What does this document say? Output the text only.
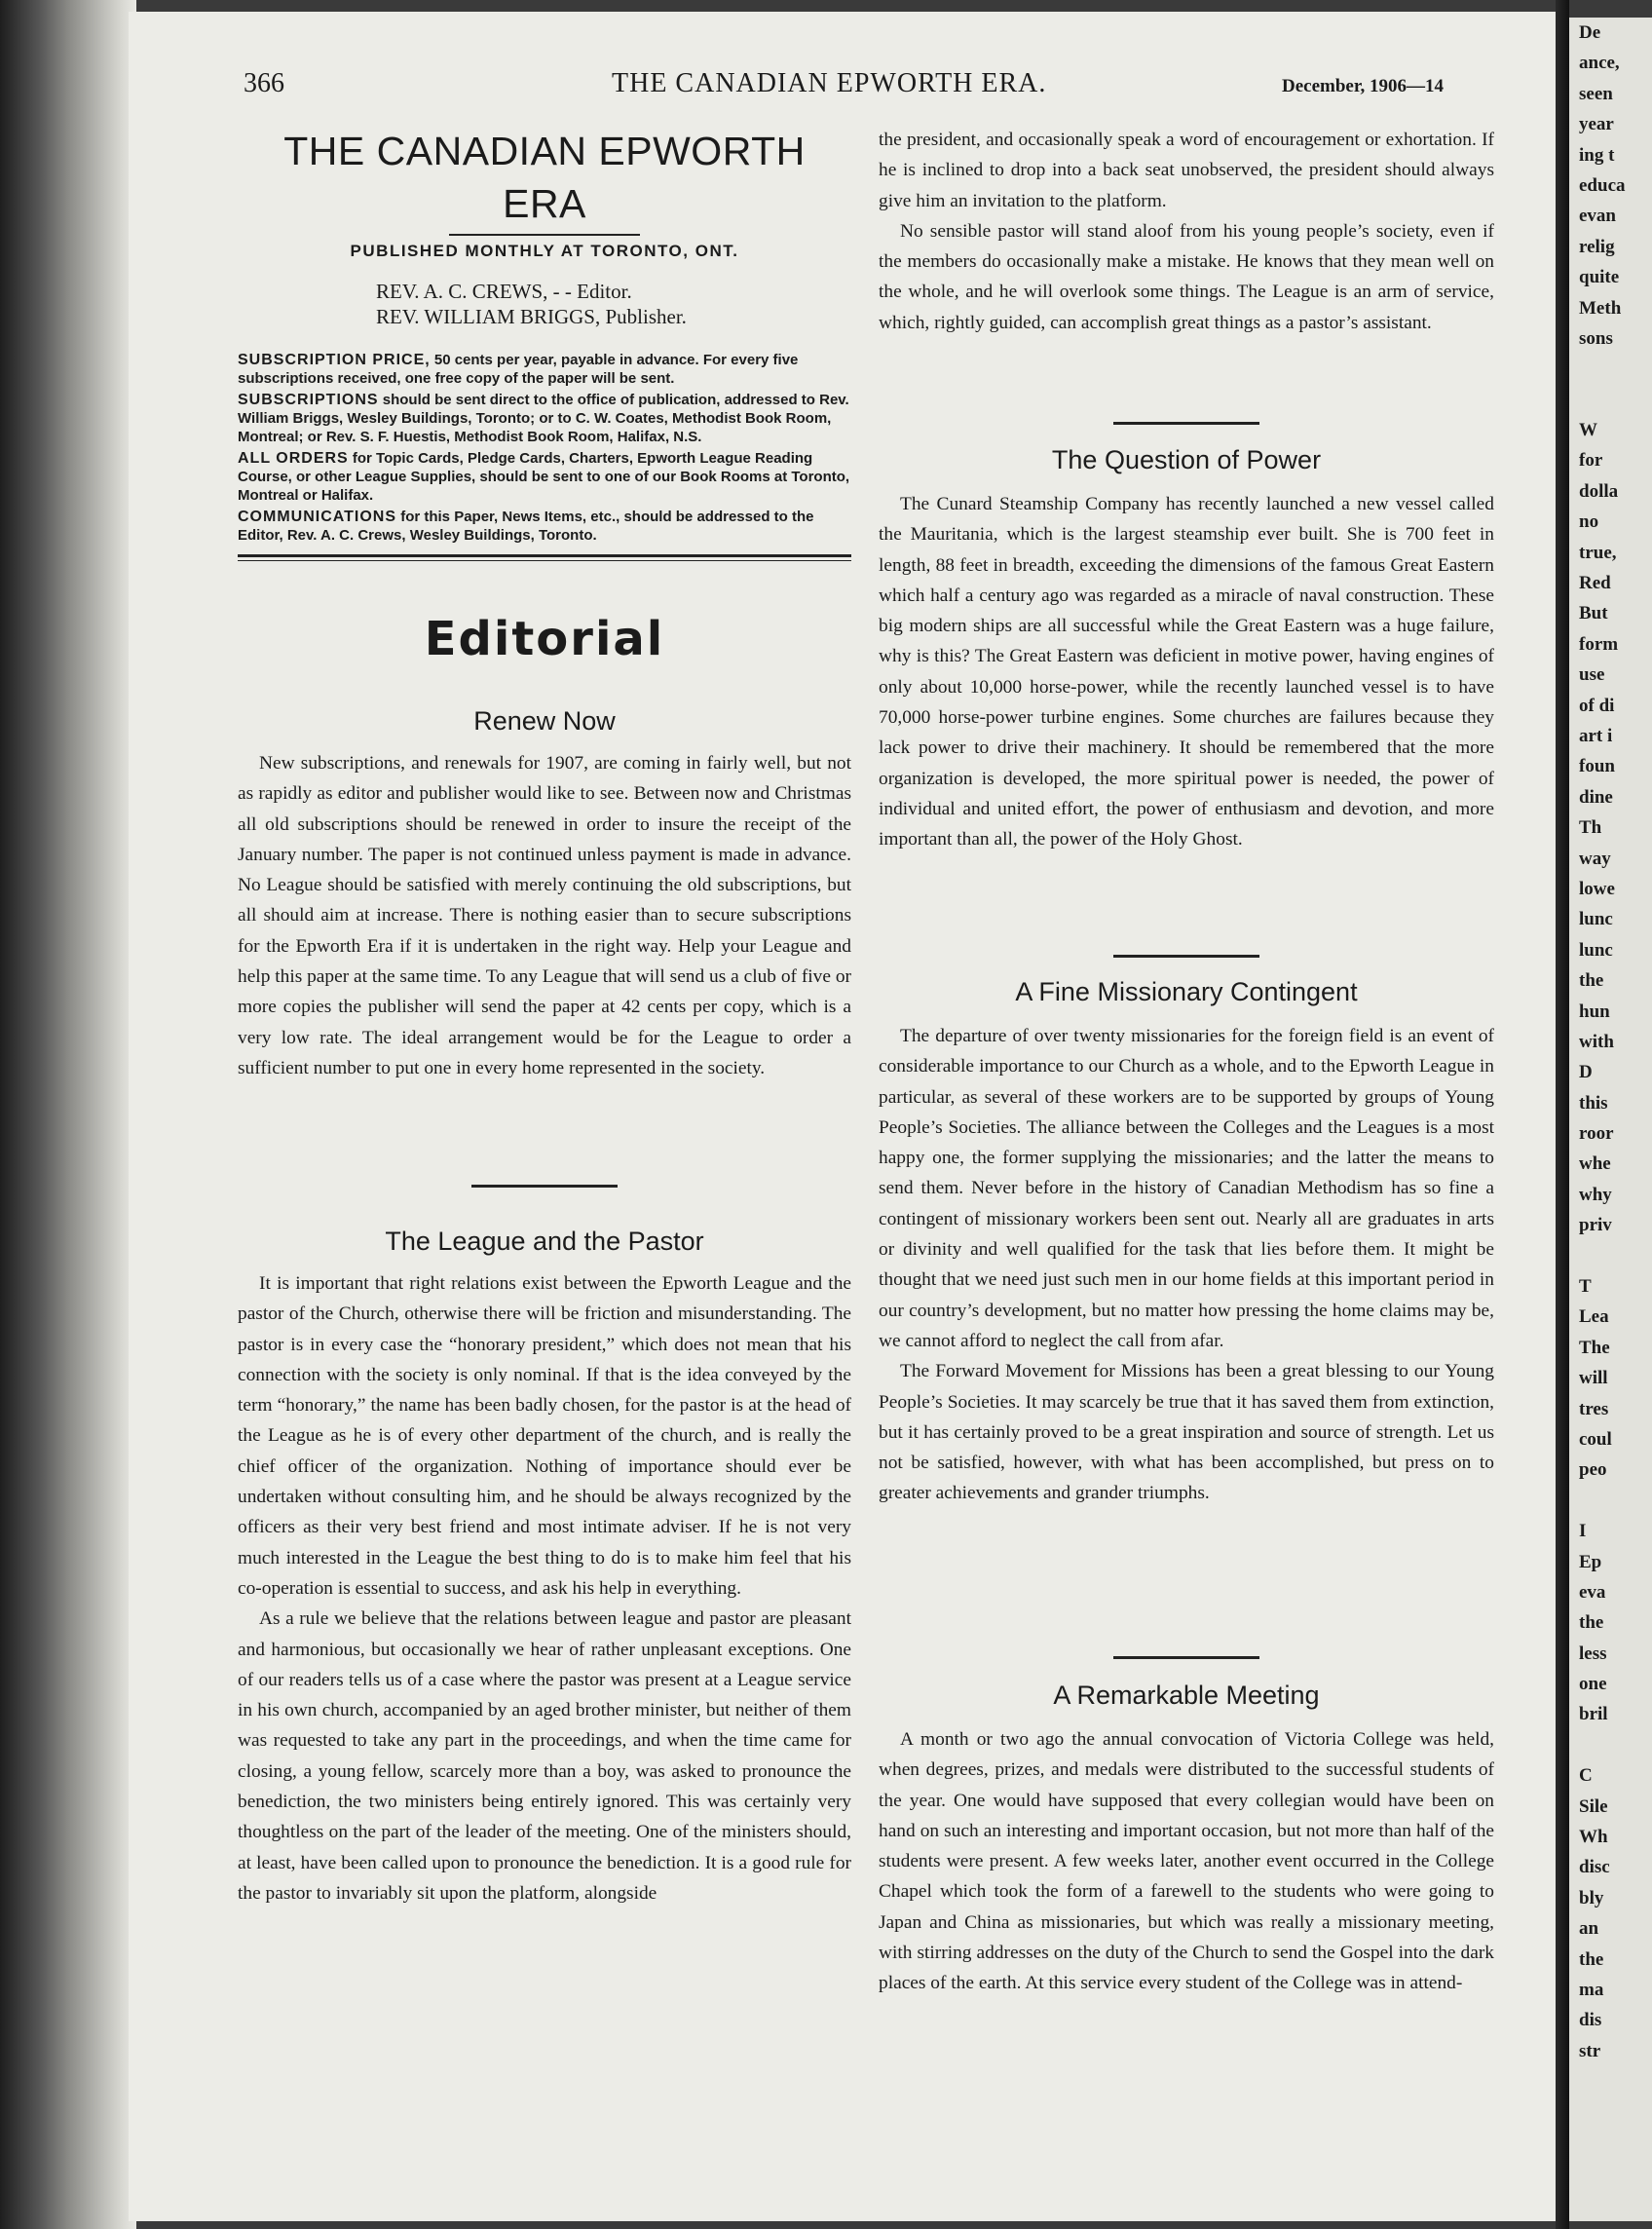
De
ance,
seen
year
ing t
educa
evan
relig
quite
Meth
sons
W
for
dolla
no
true,
Red
But
form
use
of di
art i
foun
dine
Th
way
lowe
lunc
lunc
the
hun
with
D
this
roor
whe
why
priv
T
Lea
The
will
tres
coul
peo
I
Ep
eva
the
less
one
bril
C
Sile
Wh
disc
bly
an
the
ma
dis
str
366	THE CANADIAN EPWORTH ERA.	December, 1906—14
THE CANADIAN EPWORTH ERA
PUBLISHED MONTHLY AT TORONTO, ONT.
REV. A. C. CREWS, - - Editor.
REV. WILLIAM BRIGGS, Publisher.
SUBSCRIPTION PRICE, 50 cents per year, payable in advance. For every five subscriptions received, one free copy of the paper will be sent.
SUBSCRIPTIONS should be sent direct to the office of publication, addressed to Rev. William Briggs, Wesley Buildings, Toronto; or to C. W. Coates, Methodist Book Room, Montreal; or Rev. S. F. Huestis, Methodist Book Room, Halifax, N.S.
ALL ORDERS for Topic Cards, Pledge Cards, Charters, Epworth League Reading Course, or other League Supplies, should be sent to one of our Book Rooms at Toronto, Montreal or Halifax.
COMMUNICATIONS for this Paper, News Items, etc., should be addressed to the Editor, Rev. A. C. Crews, Wesley Buildings, Toronto.
Editorial
Renew Now

New subscriptions, and renewals for 1907, are coming in fairly well, but not as rapidly as editor and publisher would like to see. Between now and Christmas all old subscriptions should be renewed in order to insure the receipt of the January number. The paper is not continued unless payment is made in advance. No League should be satisfied with merely continuing the old subscriptions, but all should aim at increase. There is nothing easier than to secure subscriptions for the Epworth Era if it is undertaken in the right way. Help your League and help this paper at the same time. To any League that will send us a club of five or more copies the publisher will send the paper at 42 cents per copy, which is a very low rate. The ideal arrangement would be for the League to order a sufficient number to put one in every home represented in the society.

The League and the Pastor

It is important that right relations exist between the Epworth League and the pastor of the Church, otherwise there will be friction and misunderstanding. The pastor is in every case the “honorary president,” which does not mean that his connection with the society is only nominal. If that is the idea conveyed by the term “honorary,” the name has been badly chosen, for the pastor is at the head of the League as he is of every other department of the church, and is really the chief officer of the organization. Nothing of importance should ever be undertaken without consulting him, and he should be always recognized by the officers as their very best friend and most intimate adviser. If he is not very much interested in the League the best thing to do is to make him feel that his co-operation is essential to success, and ask his help in everything.

As a rule we believe that the relations between league and pastor are pleasant and harmonious, but occasionally we hear of rather unpleasant exceptions. One of our readers tells us of a case where the pastor was present at a League service in his own church, accompanied by an aged brother minister, but neither of them was requested to take any part in the proceedings, and when the time came for closing, a young fellow, scarcely more than a boy, was asked to pronounce the benediction, the two ministers being entirely ignored. This was certainly very thoughtless on the part of the leader of the meeting. One of the ministers should, at least, have been called upon to pronounce the benediction. It is a good rule for the pastor to invariably sit upon the platform, alongside

the president, and occasionally speak a word of encouragement or exhortation. If he is inclined to drop into a back seat unobserved, the president should always give him an invitation to the platform.

No sensible pastor will stand aloof from his young people’s society, even if the members do occasionally make a mistake. He knows that they mean well on the whole, and he will overlook some things. The League is an arm of service, which, rightly guided, can accomplish great things as a pastor’s assistant.

The Question of Power

The Cunard Steamship Company has recently launched a new vessel called the Mauritania, which is the largest steamship ever built. She is 700 feet in length, 88 feet in breadth, exceeding the dimensions of the famous Great Eastern which half a century ago was regarded as a miracle of naval construction. These big modern ships are all successful while the Great Eastern was a huge failure, why is this? The Great Eastern was deficient in motive power, having engines of only about 10,000 horse-power, while the recently launched vessel is to have 70,000 horse-power turbine engines. Some churches are failures because they lack power to drive their machinery. It should be remembered that the more organization is developed, the more spiritual power is needed, the power of individual and united effort, the power of enthusiasm and devotion, and more important than all, the power of the Holy Ghost.

A Fine Missionary Contingent

The departure of over twenty missionaries for the foreign field is an event of considerable importance to our Church as a whole, and to the Epworth League in particular, as several of these workers are to be supported by groups of Young People’s Societies. The alliance between the Colleges and the Leagues is a most happy one, the former supplying the missionaries; and the latter the means to send them. Never before in the history of Canadian Methodism has so fine a contingent of missionary workers been sent out. Nearly all are graduates in arts or divinity and well qualified for the task that lies before them. It might be thought that we need just such men in our home fields at this important period in our country’s development, but no matter how pressing the home claims may be, we cannot afford to neglect the call from afar.

The Forward Movement for Missions has been a great blessing to our Young People’s Societies. It may scarcely be true that it has saved them from extinction, but it has certainly proved to be a great inspiration and source of strength. Let us not be satisfied, however, with what has been accomplished, but press on to greater achievements and grander triumphs.

A Remarkable Meeting

A month or two ago the annual convocation of Victoria College was held, when degrees, prizes, and medals were distributed to the successful students of the year. One would have supposed that every collegian would have been on hand on such an interesting and important occasion, but not more than half of the students were present. A few weeks later, another event occurred in the College Chapel which took the form of a farewell to the students who were going to Japan and China as missionaries, but which was really a missionary meeting, with stirring addresses on the duty of the Church to send the Gospel into the dark places of the earth. At this service every student of the College was in attend-
